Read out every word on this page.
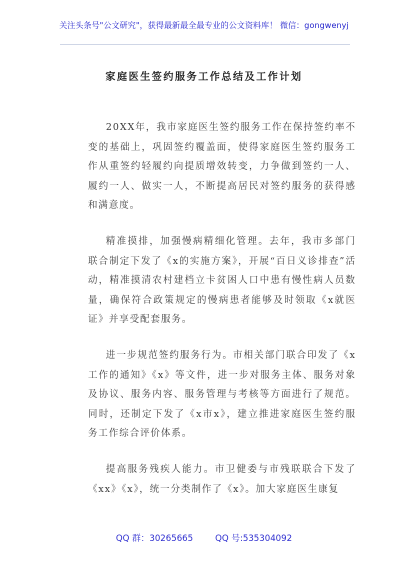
关注头条号"公文研究"，获得最新最全最专业的公文资料库！ 微信：gongwenyj
家庭医生签约服务工作总结及工作计划

20XX年，我市家庭医生签约服务工作在保持签约率不变的基础上，巩固签约覆盖面，使得家庭医生签约服务工作从重签约轻履约向提质增效转变，力争做到签约一人、履约一人、做实一人，不断提高居民对签约服务的获得感和满意度。

精准摸排，加强慢病精细化管理。去年，我市多部门联合制定下发了《x的实施方案》，开展“百日义诊排查”活动，精准摸清农村建档立卡贫困人口中患有慢性病人员数量，确保符合政策规定的慢病患者能够及时领取《x就医证》并享受配套服务。

进一步规范签约服务行为。市相关部门联合印发了《x工作的通知》《x》等文件，进一步对服务主体、服务对象及协议、服务内容、服务管理与考核等方面进行了规范。同时，还制定下发了《x市x》，建立推进家庭医生签约服务工作综合评价体系。

提高服务残疾人能力。市卫健委与市残联联合下发了《xx》《x》，统一分类制作了《x》。加大家庭医生康复

QQ 群：30265665	QQ 号:535304092
